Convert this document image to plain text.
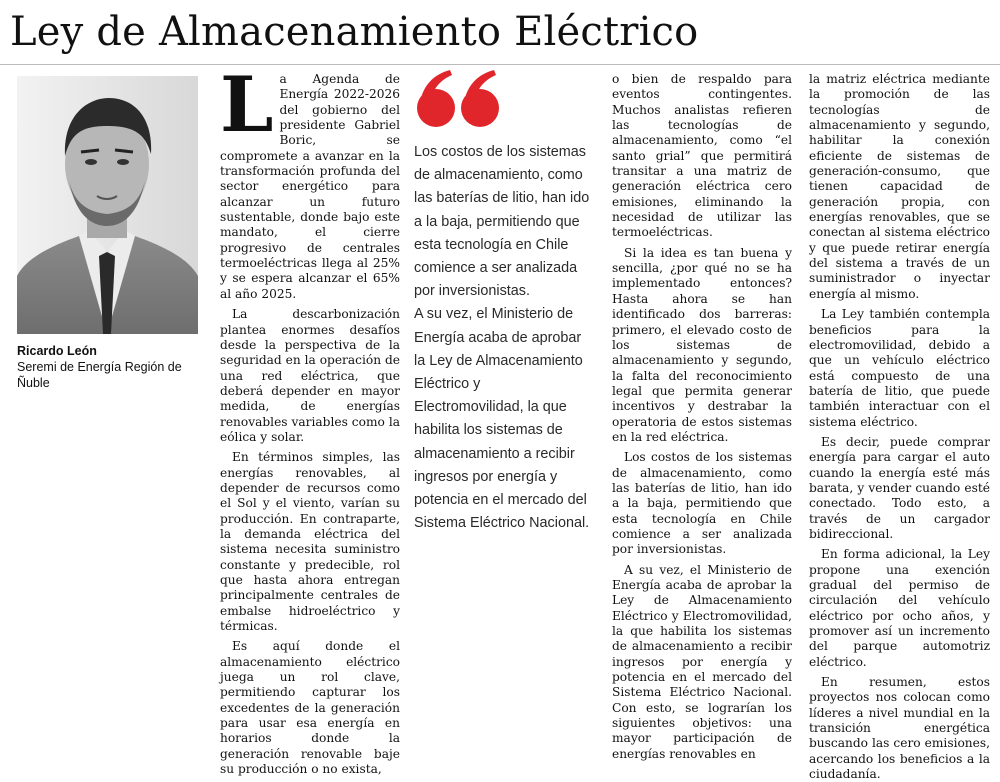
Ley de Almacenamiento Eléctrico
Ricardo León
Seremi de Energía Región de Ñuble

La Agenda de Energía 2022-2026 del gobierno del presidente Gabriel Boric, se compromete a avanzar en la transformación profunda del sector energético para alcanzar un futuro sustentable, donde bajo este mandato, el cierre progresivo de centrales termoeléctricas llega al 25% y se espera alcanzar el 65% al año 2025.

La descarbonización plantea enormes desafíos desde la perspectiva de la seguridad en la operación de una red eléctrica, que deberá depender en mayor medida, de energías renovables variables como la eólica y solar.

En términos simples, las energías renovables, al depender de recursos como el Sol y el viento, varían su producción. En contraparte, la demanda eléctrica del sistema necesita suministro constante y predecible, rol que hasta ahora entregan principalmente centrales de embalse hidroeléctrico y térmicas.

Es aquí donde el almacenamiento eléctrico juega un rol clave, permitiendo capturar los excedentes de la generación para usar esa energía en horarios donde la generación renovable baje su producción o no exista,

Los costos de los sistemas de almacenamiento, como las baterías de litio, han ido a la baja, permitiendo que esta tecnología en Chile comience a ser analizada por inversionistas.

A su vez, el Ministerio de Energía acaba de aprobar la Ley de Almacenamiento Eléctrico y Electromovilidad, la que habilita los sistemas de almacenamiento a recibir ingresos por energía y potencia en el mercado del Sistema Eléctrico Nacional.

o bien de respaldo para eventos contingentes. Muchos analistas refieren las tecnologías de almacenamiento, como “el santo grial” que permitirá transitar a una matriz de generación eléctrica cero emisiones, eliminando la necesidad de utilizar las termoeléctricas.

Si la idea es tan buena y sencilla, ¿por qué no se ha implementado entonces? Hasta ahora se han identificado dos barreras: primero, el elevado costo de los sistemas de almacenamiento y segundo, la falta del reconocimiento legal que permita generar incentivos y destrabar la operatoria de estos sistemas en la red eléctrica.

Los costos de los sistemas de almacenamiento, como las baterías de litio, han ido a la baja, permitiendo que esta tecnología en Chile comience a ser analizada por inversionistas.

A su vez, el Ministerio de Energía acaba de aprobar la Ley de Almacenamiento Eléctrico y Electromovilidad, la que habilita los sistemas de almacenamiento a recibir ingresos por energía y potencia en el mercado del Sistema Eléctrico Nacional. Con esto, se lograrían los siguientes objetivos: una mayor participación de energías renovables en

la matriz eléctrica mediante la promoción de las tecnologías de almacenamiento y segundo, habilitar la conexión eficiente de sistemas de generación-consumo, que tienen capacidad de generación propia, con energías renovables, que se conectan al sistema eléctrico y que puede retirar energía del sistema a través de un suministrador o inyectar energía al mismo.

La Ley también contempla beneficios para la electromovilidad, debido a que un vehículo eléctrico está compuesto de una batería de litio, que puede también interactuar con el sistema eléctrico.

Es decir, puede comprar energía para cargar el auto cuando la energía esté más barata, y vender cuando esté conectado. Todo esto, a través de un cargador bidireccional.

En forma adicional, la Ley propone una exención gradual del permiso de circulación del vehículo eléctrico por ocho años, y promover así un incremento del parque automotriz eléctrico.

En resumen, estos proyectos nos colocan como líderes a nivel mundial en la transición energética buscando las cero emisiones, acercando los beneficios a la ciudadanía.
